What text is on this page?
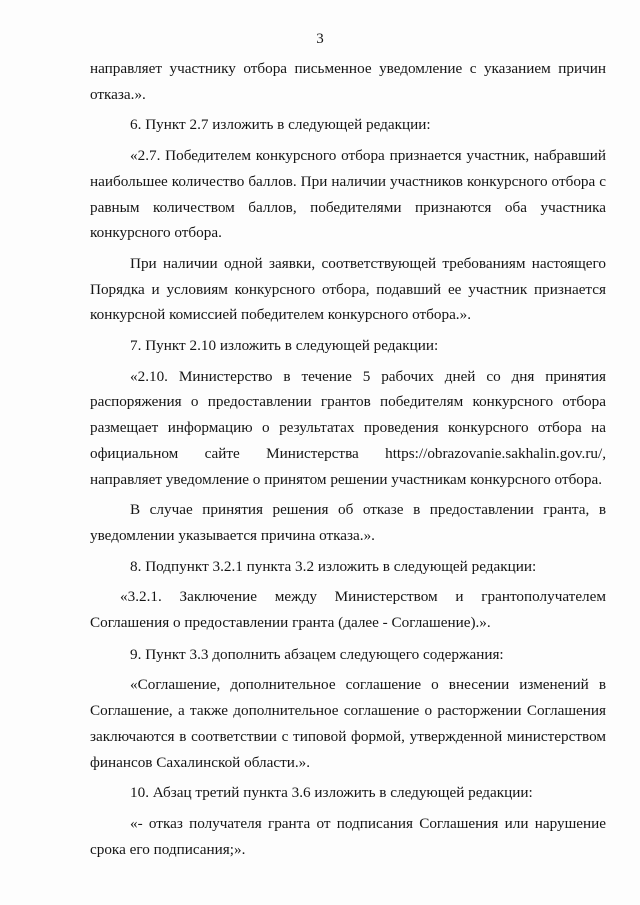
3

направляет участнику отбора письменное уведомление с указанием причин отказа.».

6. Пункт 2.7 изложить в следующей редакции:

«2.7. Победителем конкурсного отбора признается участник, набравший наибольшее количество баллов. При наличии участников конкурсного отбора с равным количеством баллов, победителями признаются оба участника конкурсного отбора.

При наличии одной заявки, соответствующей требованиям настоящего Порядка и условиям конкурсного отбора, подавший ее участник признается конкурсной комиссией победителем конкурсного отбора.».

7. Пункт 2.10 изложить в следующей редакции:

«2.10. Министерство в течение 5 рабочих дней со дня принятия распоряжения о предоставлении грантов победителям конкурсного отбора размещает информацию о результатах проведения конкурсного отбора на официальном сайте Министерства https://obrazovanie.sakhalin.gov.ru/, направляет уведомление о принятом решении участникам конкурсного отбора.

В случае принятия решения об отказе в предоставлении гранта, в уведомлении указывается причина отказа.».

8. Подпункт 3.2.1 пункта 3.2 изложить в следующей редакции:

«3.2.1. Заключение между Министерством и грантополучателем Соглашения о предоставлении гранта (далее - Соглашение).».

9. Пункт 3.3 дополнить абзацем следующего содержания:

«Соглашение, дополнительное соглашение о внесении изменений в Соглашение, а также дополнительное соглашение о расторжении Соглашения заключаются в соответствии с типовой формой, утвержденной министерством финансов Сахалинской области.».

10. Абзац третий пункта 3.6 изложить в следующей редакции:

«- отказ получателя гранта от подписания Соглашения или нарушение срока его подписания;».
